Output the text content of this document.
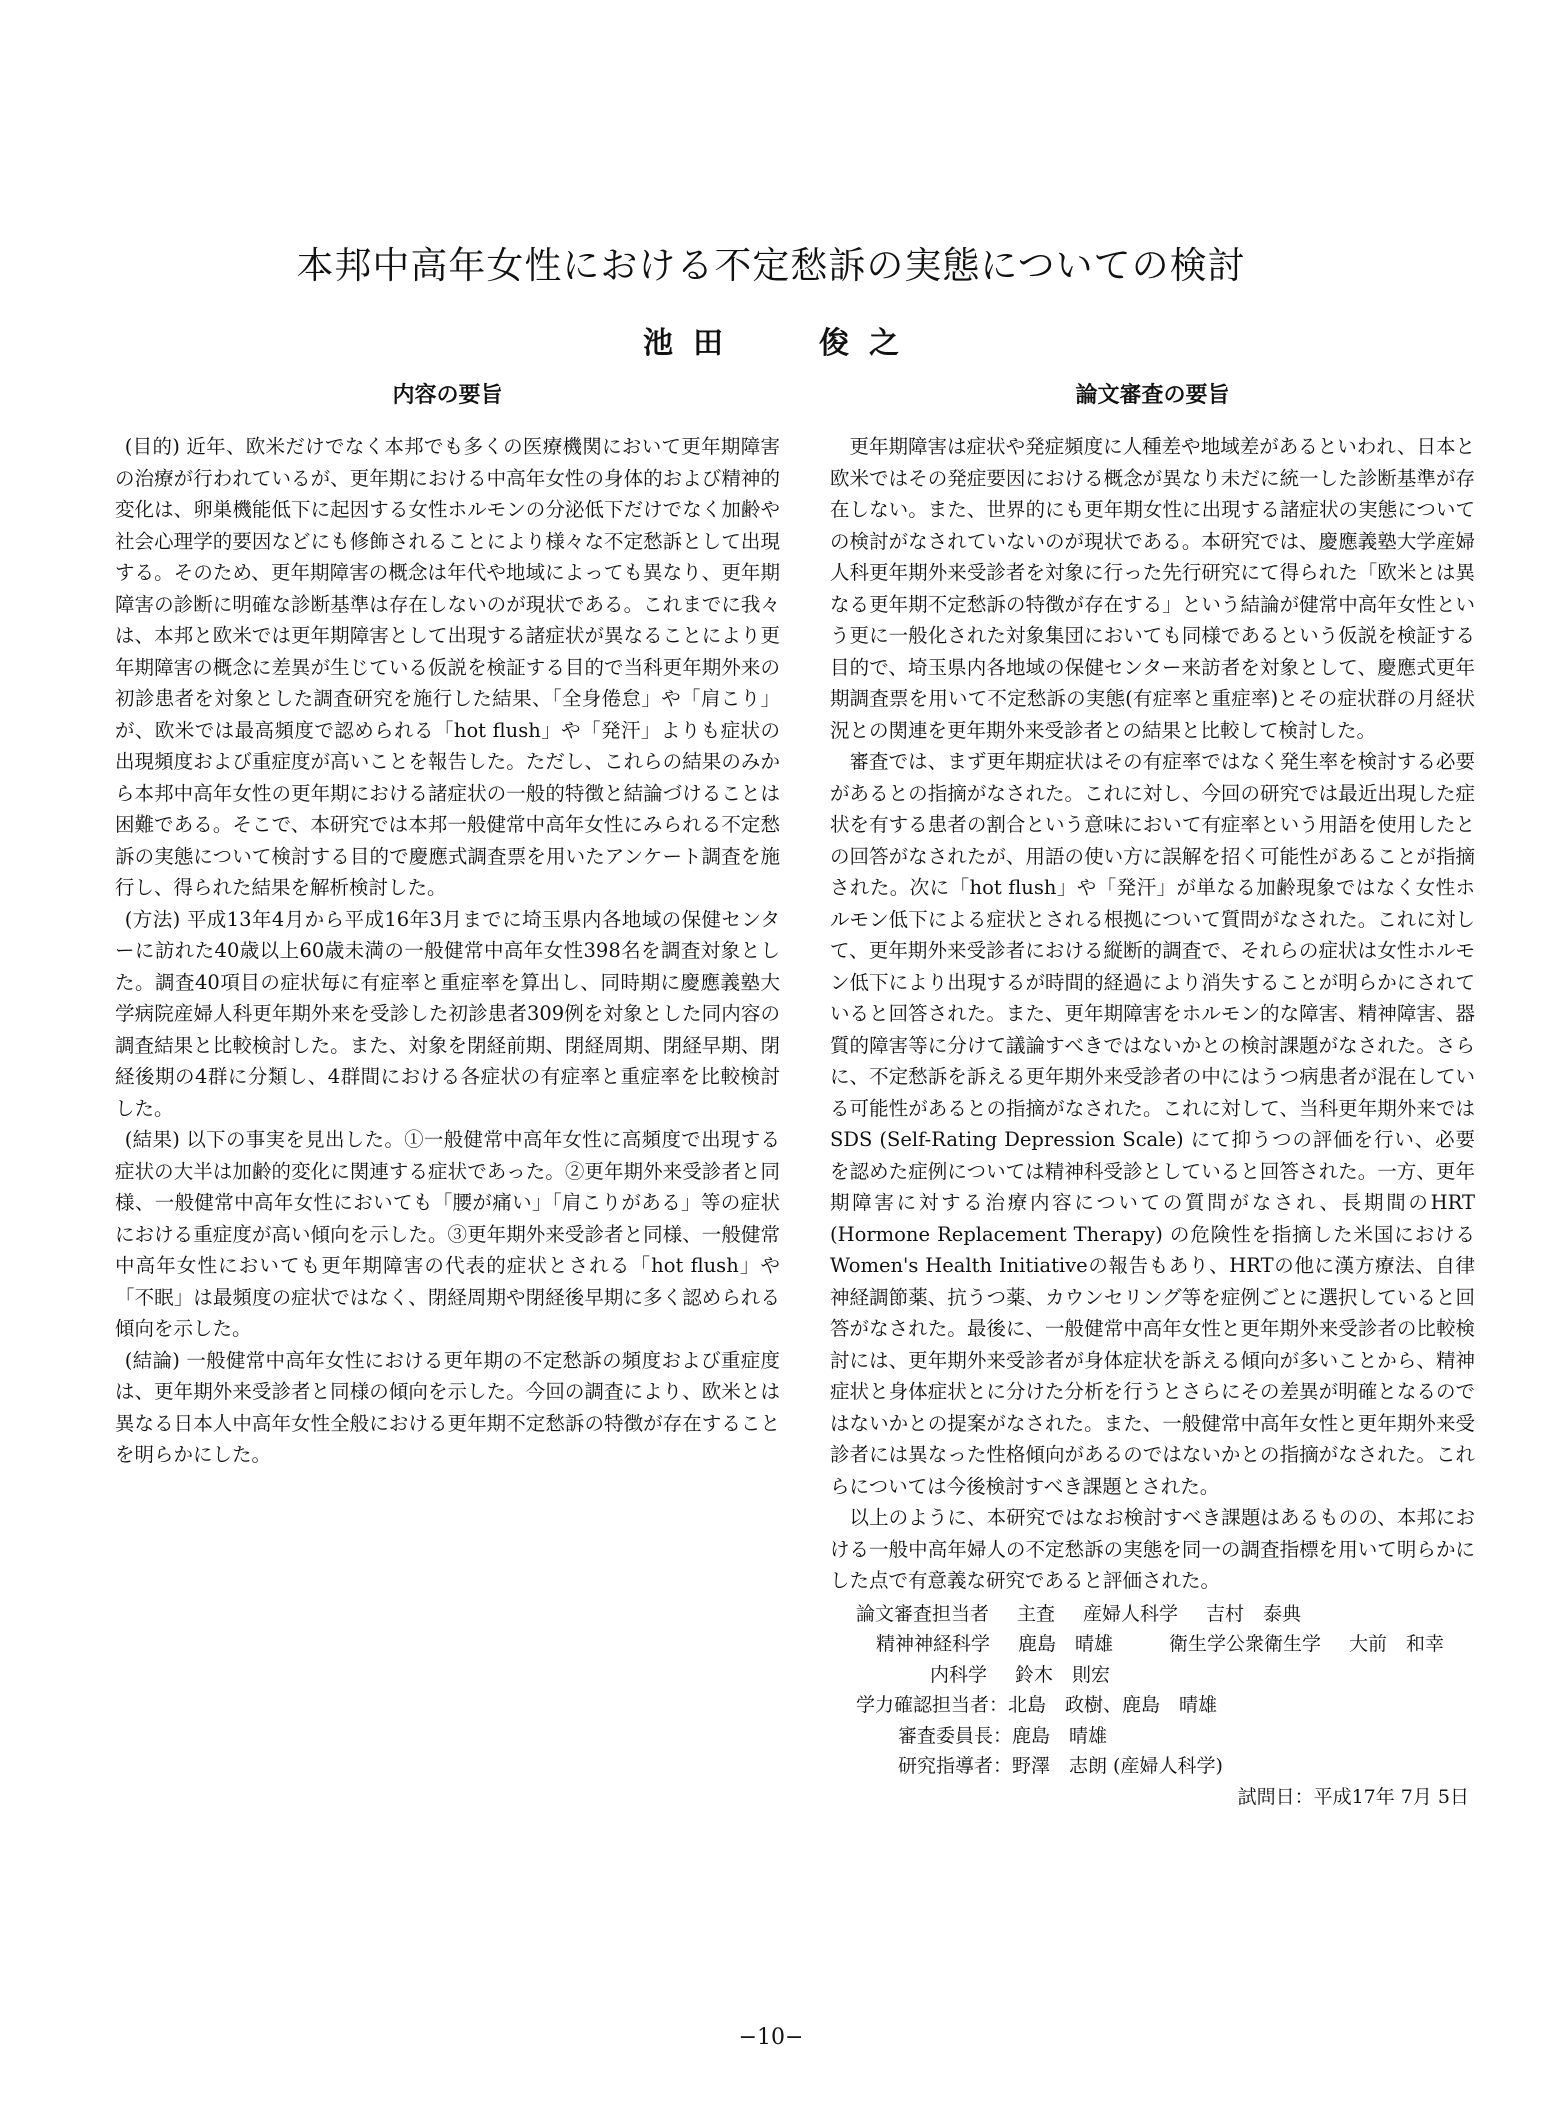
本邦中高年女性における不定愁訴の実態についての検討
池 田	俊 之
内容の要旨	論文審査の要旨

(目的) 近年、欧米だけでなく本邦でも多くの医療機関において更年期障害の治療が行われているが、更年期における中高年女性の身体的および精神的変化は、卵巣機能低下に起因する女性ホルモンの分泌低下だけでなく加齢や社会心理学的要因などにも修飾されることにより様々な不定愁訴として出現する。そのため、更年期障害の概念は年代や地域によっても異なり、更年期障害の診断に明確な診断基準は存在しないのが現状である。これまでに我々は、本邦と欧米では更年期障害として出現する諸症状が異なることにより更年期障害の概念に差異が生じている仮説を検証する目的で当科更年期外来の初診患者を対象とした調査研究を施行した結果、「全身倦怠」や「肩こり」が、欧米では最高頻度で認められる「hot flush」や「発汗」よりも症状の出現頻度および重症度が高いことを報告した。ただし、これらの結果のみから本邦中高年女性の更年期における諸症状の一般的特徴と結論づけることは困難である。そこで、本研究では本邦一般健常中高年女性にみられる不定愁訴の実態について検討する目的で慶應式調査票を用いたアンケート調査を施行し、得られた結果を解析検討した。

(方法) 平成13年4月から平成16年3月までに埼玉県内各地域の保健センターに訪れた40歳以上60歳未満の一般健常中高年女性398名を調査対象とした。調査40項目の症状毎に有症率と重症率を算出し、同時期に慶應義塾大学病院産婦人科更年期外来を受診した初診患者309例を対象とした同内容の調査結果と比較検討した。また、対象を閉経前期、閉経周期、閉経早期、閉経後期の4群に分類し、4群間における各症状の有症率と重症率を比較検討した。

(結果) 以下の事実を見出した。①一般健常中高年女性に高頻度で出現する症状の大半は加齢的変化に関連する症状であった。②更年期外来受診者と同様、一般健常中高年女性においても「腰が痛い」「肩こりがある」等の症状における重症度が高い傾向を示した。③更年期外来受診者と同様、一般健常中高年女性においても更年期障害の代表的症状とされる「hot flush」や「不眠」は最頻度の症状ではなく、閉経周期や閉経後早期に多く認められる傾向を示した。

(結論) 一般健常中高年女性における更年期の不定愁訴の頻度および重症度は、更年期外来受診者と同様の傾向を示した。今回の調査により、欧米とは異なる日本人中高年女性全般における更年期不定愁訴の特徴が存在することを明らかにした。

更年期障害は症状や発症頻度に人種差や地域差があるといわれ、日本と欧米ではその発症要因における概念が異なり未だに統一した診断基準が存在しない。また、世界的にも更年期女性に出現する諸症状の実態についての検討がなされていないのが現状である。本研究では、慶應義塾大学産婦人科更年期外来受診者を対象に行った先行研究にて得られた「欧米とは異なる更年期不定愁訴の特徴が存在する」という結論が健常中高年女性という更に一般化された対象集団においても同様であるという仮説を検証する目的で、埼玉県内各地域の保健センター来訪者を対象として、慶應式更年期調査票を用いて不定愁訴の実態(有症率と重症率)とその症状群の月経状況との関連を更年期外来受診者との結果と比較して検討した。

審査では、まず更年期症状はその有症率ではなく発生率を検討する必要があるとの指摘がなされた。これに対し、今回の研究では最近出現した症状を有する患者の割合という意味において有症率という用語を使用したとの回答がなされたが、用語の使い方に誤解を招く可能性があることが指摘された。次に「hot flush」や「発汗」が単なる加齢現象ではなく女性ホルモン低下による症状とされる根拠について質問がなされた。これに対して、更年期外来受診者における縦断的調査で、それらの症状は女性ホルモン低下により出現するが時間的経過により消失することが明らかにされていると回答された。また、更年期障害をホルモン的な障害、精神障害、器質的障害等に分けて議論すべきではないかとの検討課題がなされた。さらに、不定愁訴を訴える更年期外来受診者の中にはうつ病患者が混在している可能性があるとの指摘がなされた。これに対して、当科更年期外来ではSDS (Self-Rating Depression Scale) にて抑うつの評価を行い、必要を認めた症例については精神科受診としていると回答された。一方、更年期障害に対する治療内容についての質問がなされ、長期間のHRT (Hormone Replacement Therapy) の危険性を指摘した米国におけるWomen's Health Initiativeの報告もあり、HRTの他に漢方療法、自律神経調節薬、抗うつ薬、カウンセリング等を症例ごとに選択していると回答がなされた。最後に、一般健常中高年女性と更年期外来受診者の比較検討には、更年期外来受診者が身体症状を訴える傾向が多いことから、精神症状と身体症状とに分けた分析を行うとさらにその差異が明確となるのではないかとの提案がなされた。また、一般健常中高年女性と更年期外来受診者には異なった性格傾向があるのではないかとの指摘がなされた。これらについては今後検討すべき課題とされた。

以上のように、本研究ではなお検討すべき課題はあるものの、本邦における一般中高年婦人の不定愁訴の実態を同一の調査指標を用いて明らかにした点で有意義な研究であると評価された。

論文審査担当者 主査 産婦人科学 吉村　泰典
精神神経科学 鹿島　晴雄	衛生学公衆衛生学 大前　和幸
内科学 鈴木　則宏
学力確認担当者：北島　政樹、鹿島　晴雄
審査委員長：鹿島　晴雄
研究指導者：野澤　志朗 (産婦人科学)
試問日：平成17年 7月 5日
−10−
